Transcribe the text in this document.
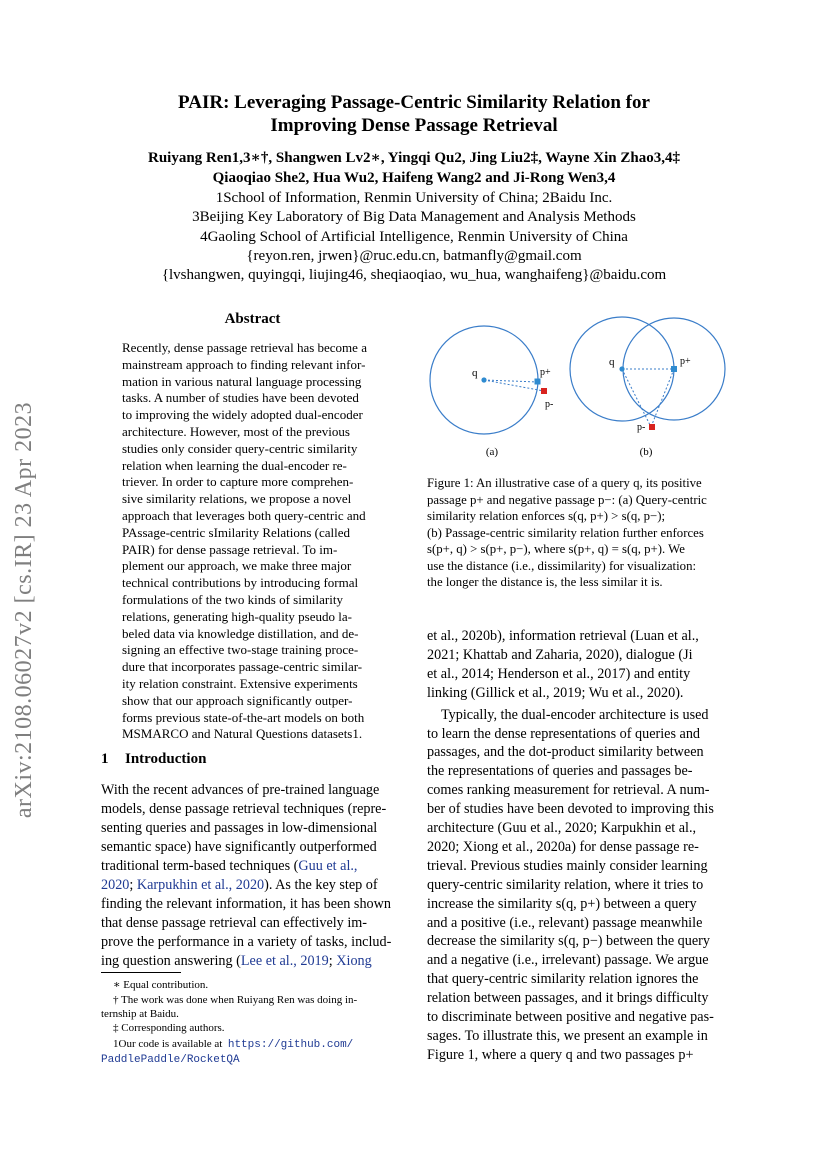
arXiv:2108.06027v2 [cs.IR] 23 Apr 2023
PAIR: Leveraging Passage-Centric Similarity Relation for
Improving Dense Passage Retrieval
Ruiyang Ren1,3∗†, Shangwen Lv2∗, Yingqi Qu2, Jing Liu2‡, Wayne Xin Zhao3,4‡
Qiaoqiao She2, Hua Wu2, Haifeng Wang2 and Ji-Rong Wen3,4
1School of Information, Renmin University of China; 2Baidu Inc.
3Beijing Key Laboratory of Big Data Management and Analysis Methods
4Gaoling School of Artificial Intelligence, Renmin University of China
{reyon.ren, jrwen}@ruc.edu.cn, batmanfly@gmail.com
{lvshangwen, quyingqi, liujing46, sheqiaoqiao, wu_hua, wanghaifeng}@baidu.com
Abstract
Recently, dense passage retrieval has become a
mainstream approach to finding relevant infor-
mation in various natural language processing
tasks. A number of studies have been devoted
to improving the widely adopted dual-encoder
architecture. However, most of the previous
studies only consider query-centric similarity
relation when learning the dual-encoder re-
triever. In order to capture more comprehen-
sive similarity relations, we propose a novel
approach that leverages both query-centric and
PAssage-centric sImilarity Relations (called
PAIR) for dense passage retrieval. To im-
plement our approach, we make three major
technical contributions by introducing formal
formulations of the two kinds of similarity
relations, generating high-quality pseudo la-
beled data via knowledge distillation, and de-
signing an effective two-stage training proce-
dure that incorporates passage-centric similar-
ity relation constraint. Extensive experiments
show that our approach significantly outper-
forms previous state-of-the-art models on both
MSMARCO and Natural Questions datasets1.
1 Introduction
With the recent advances of pre-trained language
models, dense passage retrieval techniques (repre-
senting queries and passages in low-dimensional
semantic space) have significantly outperformed
traditional term-based techniques (Guu et al.,
2020; Karpukhin et al., 2020). As the key step of
finding the relevant information, it has been shown
that dense passage retrieval can effectively im-
prove the performance in a variety of tasks, includ-
ing question answering (Lee et al., 2019; Xiong
∗ Equal contribution.
† The work was done when Ruiyang Ren was doing in-
ternship at Baidu.
‡ Corresponding authors.
1Our code is available at https://github.com/
PaddlePaddle/RocketQA
q	p+
p-
(a)
q	p+
p-
(b)
Figure 1: An illustrative case of a query q, its positive
passage p+ and negative passage p−: (a) Query-centric
similarity relation enforces s(q, p+) > s(q, p−);
(b) Passage-centric similarity relation further enforces
s(p+, q) > s(p+, p−), where s(p+, q) = s(q, p+). We
use the distance (i.e., dissimilarity) for visualization:
the longer the distance is, the less similar it is.
et al., 2020b), information retrieval (Luan et al.,
2021; Khattab and Zaharia, 2020), dialogue (Ji
et al., 2014; Henderson et al., 2017) and entity
linking (Gillick et al., 2019; Wu et al., 2020).
Typically, the dual-encoder architecture is used
to learn the dense representations of queries and
passages, and the dot-product similarity between
the representations of queries and passages be-
comes ranking measurement for retrieval. A num-
ber of studies have been devoted to improving this
architecture (Guu et al., 2020; Karpukhin et al.,
2020; Xiong et al., 2020a) for dense passage re-
trieval. Previous studies mainly consider learning
query-centric similarity relation, where it tries to
increase the similarity s(q, p+) between a query
and a positive (i.e., relevant) passage meanwhile
decrease the similarity s(q, p−) between the query
and a negative (i.e., irrelevant) passage. We argue
that query-centric similarity relation ignores the
relation between passages, and it brings difficulty
to discriminate between positive and negative pas-
sages. To illustrate this, we present an example in
Figure 1, where a query q and two passages p+
